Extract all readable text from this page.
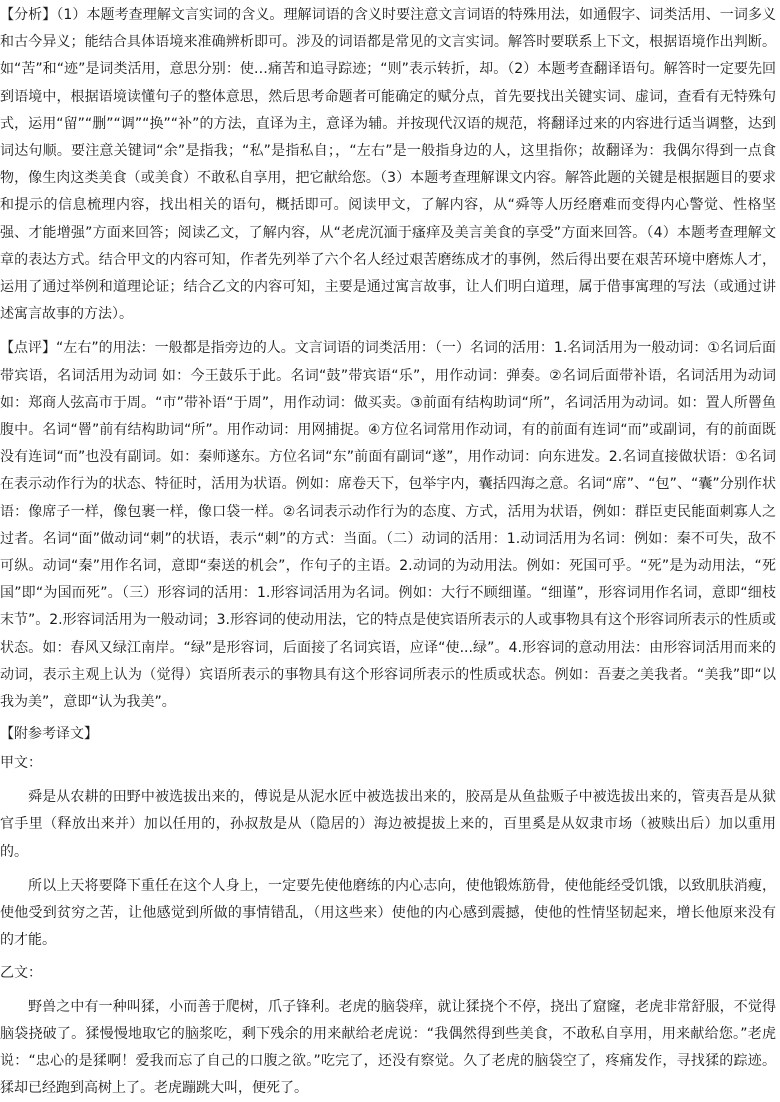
【分析】（1）本题考查理解文言实词的含义。理解词语的含义时要注意文言词语的特殊用法，如通假字、词类活用、一词多义和古今异义；能结合具体语境来准确辨析即可。涉及的词语都是常见的文言实词。解答时要联系上下文，根据语境作出判断。如“苦”和“迹”是词类活用，意思分别：使…痛苦和追寻踪迹；“则”表示转折，却。（2）本题考查翻译语句。解答时一定要先回到语境中，根据语境读懂句子的整体意思，然后思考命题者可能确定的赋分点，首先要找出关键实词、虚词，查看有无特殊句式，运用“留”“删”“调”“换”“补”的方法，直译为主，意译为辅。并按现代汉语的规范，将翻译过来的内容进行适当调整，达到词达句顺。要注意关键词“余”是指我；“私”是指私自；，“左右”是一般指身边的人，这里指你；故翻译为：我偶尔得到一点食物，像生肉这类美食（或美食）不敢私自享用，把它献给您。（3）本题考查理解课文内容。解答此题的关键是根据题目的要求和提示的信息梳理内容，找出相关的语句，概括即可。阅读甲文，了解内容，从“舜等人历经磨难而变得内心警觉、性格坚强、才能增强”方面来回答；阅读乙文，了解内容，从“老虎沉湎于瘙痒及美言美食的享受”方面来回答。（4）本题考查理解文章的表达方式。结合甲文的内容可知，作者先列举了六个名人经过艰苦磨练成才的事例，然后得出要在艰苦环境中磨炼人才，运用了通过举例和道理论证；结合乙文的内容可知，主要是通过寓言故事，让人们明白道理，属于借事寓理的写法（或通过讲述寓言故事的方法）。

【点评】“左右”的用法：一般都是指旁边的人。文言词语的词类活用：（一）名词的活用：1.名词活用为一般动词：①名词后面带宾语，名词活用为动词 如：今王鼓乐于此。名词“鼓”带宾语“乐”，用作动词：弹奏。②名词后面带补语，名词活用为动词 如：郑商人弦高市于周。“市”带补语“于周”，用作动词：做买卖。③前面有结构助词“所”，名词活用为动词。如：置人所罾鱼腹中。名词“罾”前有结构助词“所”。用作动词：用网捕捉。④方位名词常用作动词，有的前面有连词“而”或副词，有的前面既没有连词“而”也没有副词。如：秦师遂东。方位名词“东”前面有副词“遂”，用作动词：向东进发。2.名词直接做状语：①名词在表示动作行为的状态、特征时，活用为状语。例如：席卷天下，包举宇内，囊括四海之意。名词“席”、“包”、“囊”分别作状语：像席子一样，像包裹一样，像口袋一样。②名词表示动作行为的态度、方式，活用为状语，例如：群臣吏民能面刺寡人之过者。名词“面”做动词“刺”的状语，表示“刺”的方式：当面。（二）动词的活用：1.动词活用为名词：例如：秦不可失，敌不可纵。动词“秦”用作名词，意即“秦送的机会”，作句子的主语。2.动词的为动用法。例如：死国可乎。“死”是为动用法，“死国”即“为国而死”。（三）形容词的活用：1.形容词活用为名词。例如：大行不顾细谨。“细谨”，形容词用作名词，意即“细枝末节”。2.形容词活用为一般动词；3.形容词的使动用法，它的特点是使宾语所表示的人或事物具有这个形容词所表示的性质或状态。如：春风又绿江南岸。“绿”是形容词，后面接了名词宾语，应译“使...绿”。4.形容词的意动用法：由形容词活用而来的动词，表示主观上认为（觉得）宾语所表示的事物具有这个形容词所表示的性质或状态。例如：吾妻之美我者。“美我”即“以我为美”，意即“认为我美”。

【附参考译文】

甲文：

舜是从农耕的田野中被选拔出来的，傅说是从泥水匠中被选拔出来的，胶鬲是从鱼盐贩子中被选拔出来的，管夷吾是从狱官手里（释放出来并）加以任用的，孙叔敖是从（隐居的）海边被提拔上来的，百里奚是从奴隶市场（被赎出后）加以重用的。

所以上天将要降下重任在这个人身上，一定要先使他磨练的内心志向，使他锻炼筋骨，使他能经受饥饿，以致肌肤消瘦，使他受到贫穷之苦，让他感觉到所做的事情错乱，（用这些来）使他的内心感到震撼，使他的性情坚韧起来，增长他原来没有的才能。

乙文：

野兽之中有一种叫猱，小而善于爬树，爪子锋利。老虎的脑袋痒，就让猱挠个不停，挠出了窟窿，老虎非常舒服，不觉得脑袋挠破了。猱慢慢地取它的脑浆吃，剩下残余的用来献给老虎说：“我偶然得到些美食，不敢私自享用，用来献给您。”老虎说：“忠心的是猱啊！爱我而忘了自己的口腹之欲。”吃完了，还没有察觉。久了老虎的脑袋空了，疼痛发作，寻找猱的踪迹。猱却已经跑到高树上了。老虎蹦跳大叫，便死了。
